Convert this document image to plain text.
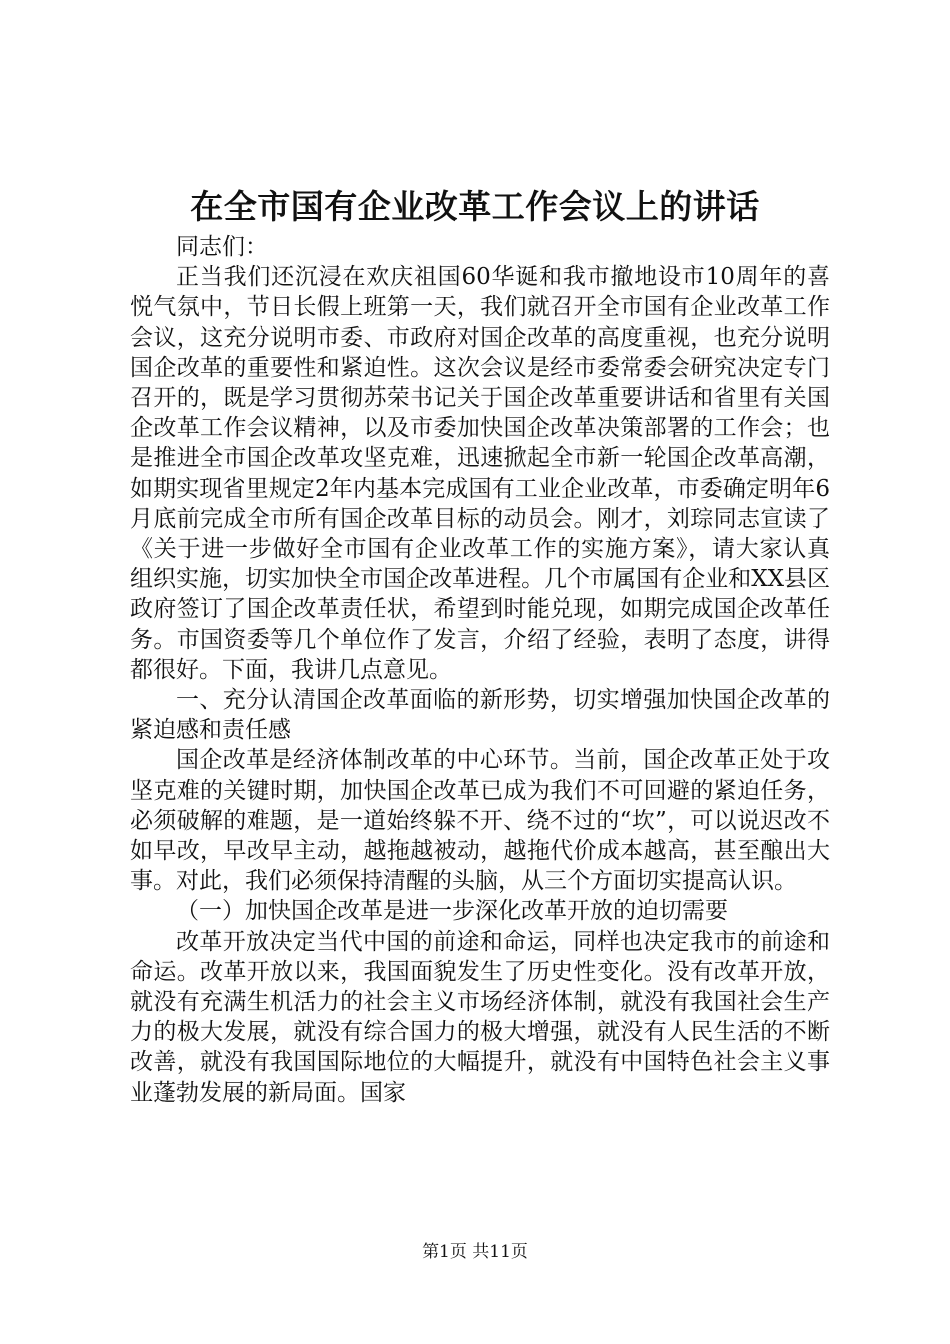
在全市国有企业改革工作会议上的讲话

同志们：

正当我们还沉浸在欢庆祖国60华诞和我市撤地设市10周年的喜悦气氛中，节日长假上班第一天，我们就召开全市国有企业改革工作会议，这充分说明市委、市政府对国企改革的高度重视，也充分说明国企改革的重要性和紧迫性。这次会议是经市委常委会研究决定专门召开的，既是学习贯彻苏荣书记关于国企改革重要讲话和省里有关国企改革工作会议精神，以及市委加快国企改革决策部署的工作会；也是推进全市国企改革攻坚克难，迅速掀起全市新一轮国企改革高潮，如期实现省里规定2年内基本完成国有工业企业改革，市委确定明年6月底前完成全市所有国企改革目标的动员会。刚才，刘琮同志宣读了《关于进一步做好全市国有企业改革工作的实施方案》，请大家认真组织实施，切实加快全市国企改革进程。几个市属国有企业和XX县区政府签订了国企改革责任状，希望到时能兑现，如期完成国企改革任务。市国资委等几个单位作了发言，介绍了经验，表明了态度，讲得都很好。下面，我讲几点意见。

一、充分认清国企改革面临的新形势，切实增强加快国企改革的紧迫感和责任感

国企改革是经济体制改革的中心环节。当前，国企改革正处于攻坚克难的关键时期，加快国企改革已成为我们不可回避的紧迫任务，必须破解的难题，是一道始终躲不开、绕不过的“坎”，可以说迟改不如早改，早改早主动，越拖越被动，越拖代价成本越高，甚至酿出大事。对此，我们必须保持清醒的头脑，从三个方面切实提高认识。

（一）加快国企改革是进一步深化改革开放的迫切需要

改革开放决定当代中国的前途和命运，同样也决定我市的前途和命运。改革开放以来，我国面貌发生了历史性变化。没有改革开放，就没有充满生机活力的社会主义市场经济体制，就没有我国社会生产力的极大发展，就没有综合国力的极大增强，就没有人民生活的不断改善，就没有我国国际地位的大幅提升，就没有中国特色社会主义事业蓬勃发展的新局面。国家

第1页 共11页
